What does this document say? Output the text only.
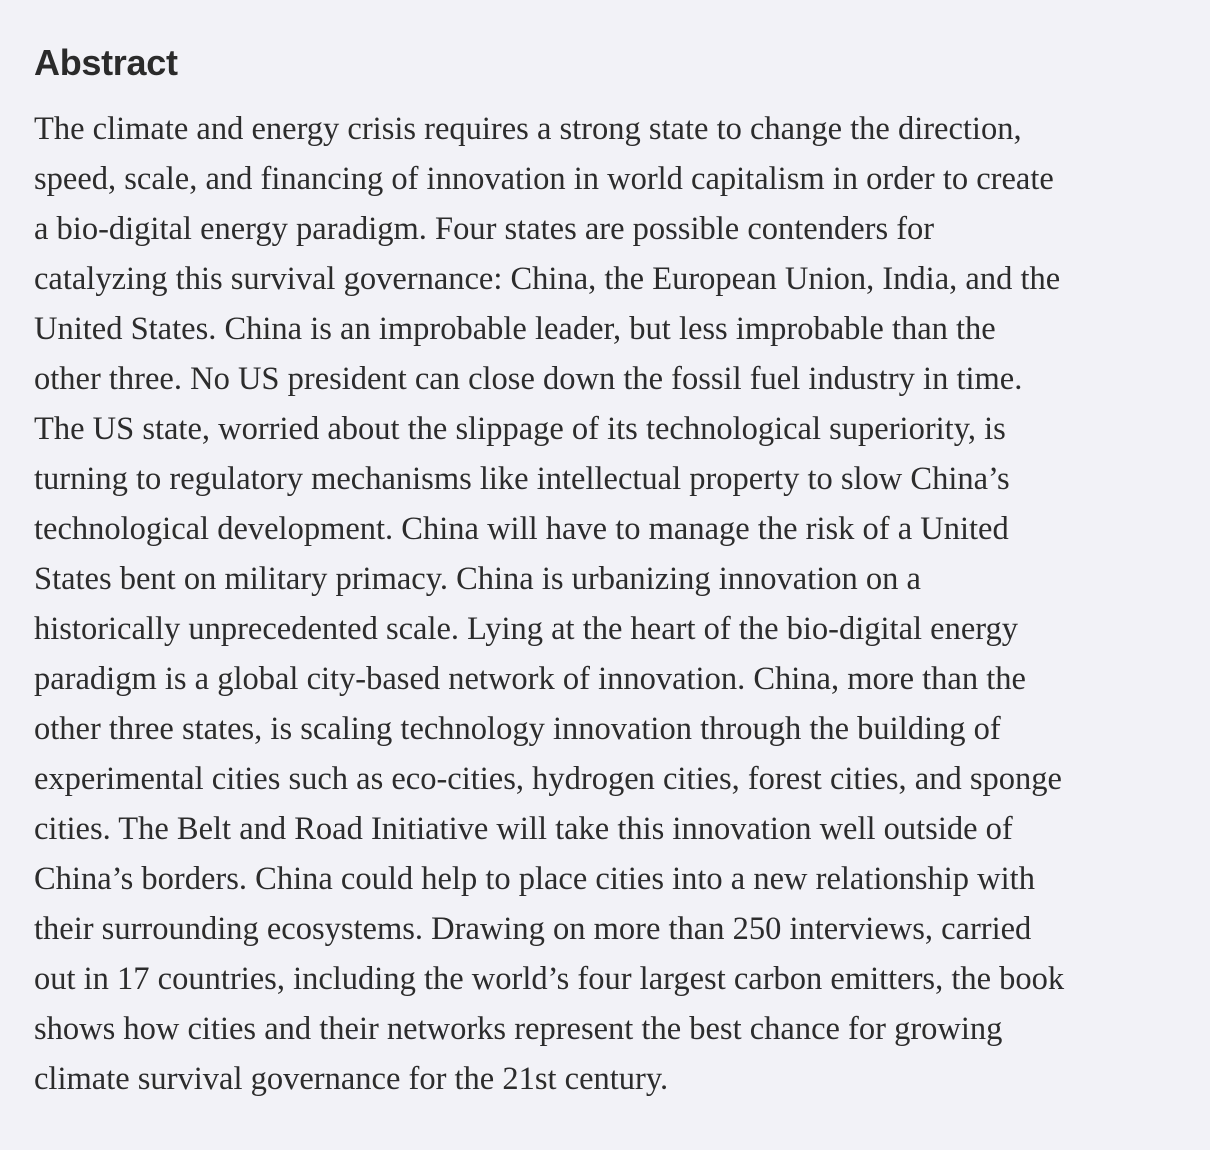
Abstract

The climate and energy crisis requires a strong state to change the direction,
speed, scale, and financing of innovation in world capitalism in order to create
a bio-digital energy paradigm. Four states are possible contenders for
catalyzing this survival governance: China, the European Union, India, and the
United States. China is an improbable leader, but less improbable than the
other three. No US president can close down the fossil fuel industry in time.
The US state, worried about the slippage of its technological superiority, is
turning to regulatory mechanisms like intellectual property to slow China’s
technological development. China will have to manage the risk of a United
States bent on military primacy. China is urbanizing innovation on a
historically unprecedented scale. Lying at the heart of the bio-digital energy
paradigm is a global city-based network of innovation. China, more than the
other three states, is scaling technology innovation through the building of
experimental cities such as eco-cities, hydrogen cities, forest cities, and sponge
cities. The Belt and Road Initiative will take this innovation well outside of
China’s borders. China could help to place cities into a new relationship with
their surrounding ecosystems. Drawing on more than 250 interviews, carried
out in 17 countries, including the world’s four largest carbon emitters, the book
shows how cities and their networks represent the best chance for growing
climate survival governance for the 21st century.
